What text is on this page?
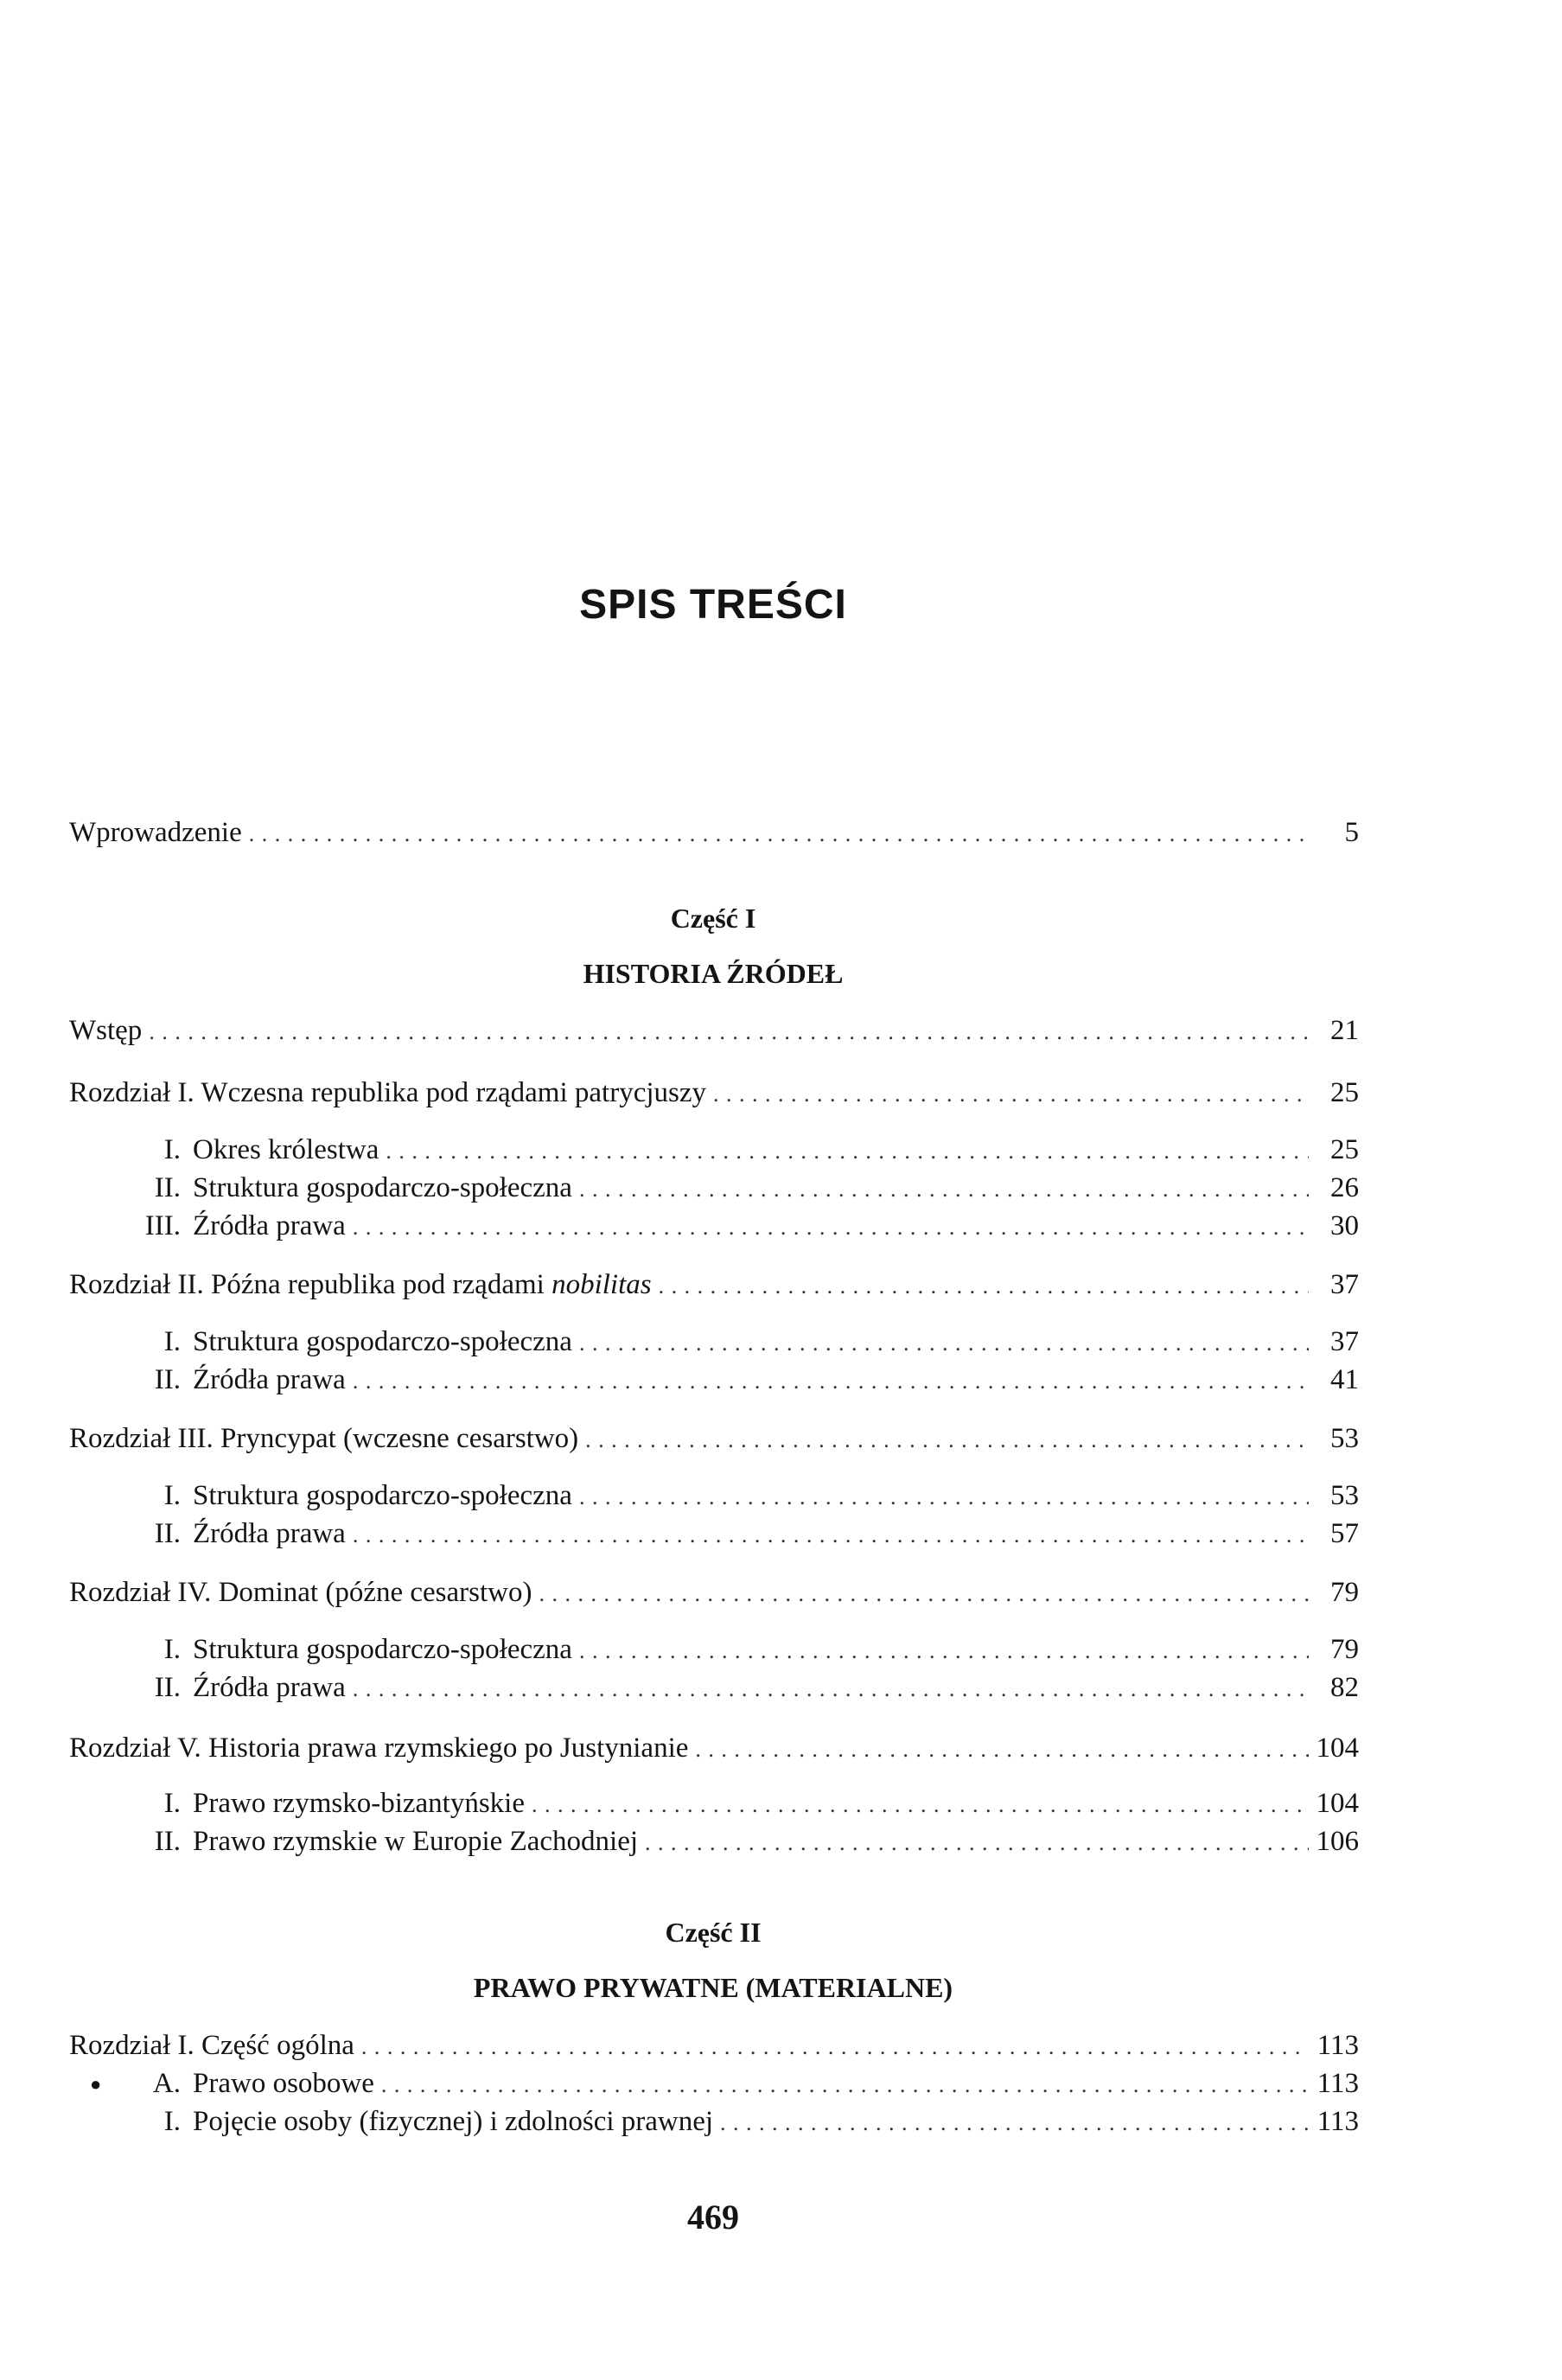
SPIS TREŚCI
Wprowadzenie . . .	5
Część I
HISTORIA ŹRÓDEŁ
Wstęp . . .	21
Rozdział I. Wczesna republika pod rządami patrycjuszy . . .	25
I. Okres królestwa . . .	25
II. Struktura gospodarczo-społeczna . . .	26
III. Źródła prawa . . .	30
Rozdział II. Późna republika pod rządami nobilitas . . .	37
I. Struktura gospodarczo-społeczna . . .	37
II. Źródła prawa . . .	41
Rozdział III. Pryncypat (wczesne cesarstwo) . . .	53
I. Struktura gospodarczo-społeczna . . .	53
II. Źródła prawa . . .	57
Rozdział IV. Dominat (późne cesarstwo) . . .	79
I. Struktura gospodarczo-społeczna . . .	79
II. Źródła prawa . . .	82
Rozdział V. Historia prawa rzymskiego po Justynianie . . .	104
I. Prawo rzymsko-bizantyńskie . . .	104
II. Prawo rzymskie w Europie Zachodniej . . .	106
Część II
PRAWO PRYWATNE (MATERIALNE)
Rozdział I. Część ogólna . . .	113
●	A. Prawo osobowe . . .	113
I. Pojęcie osoby (fizycznej) i zdolności prawnej . . .	113
469
